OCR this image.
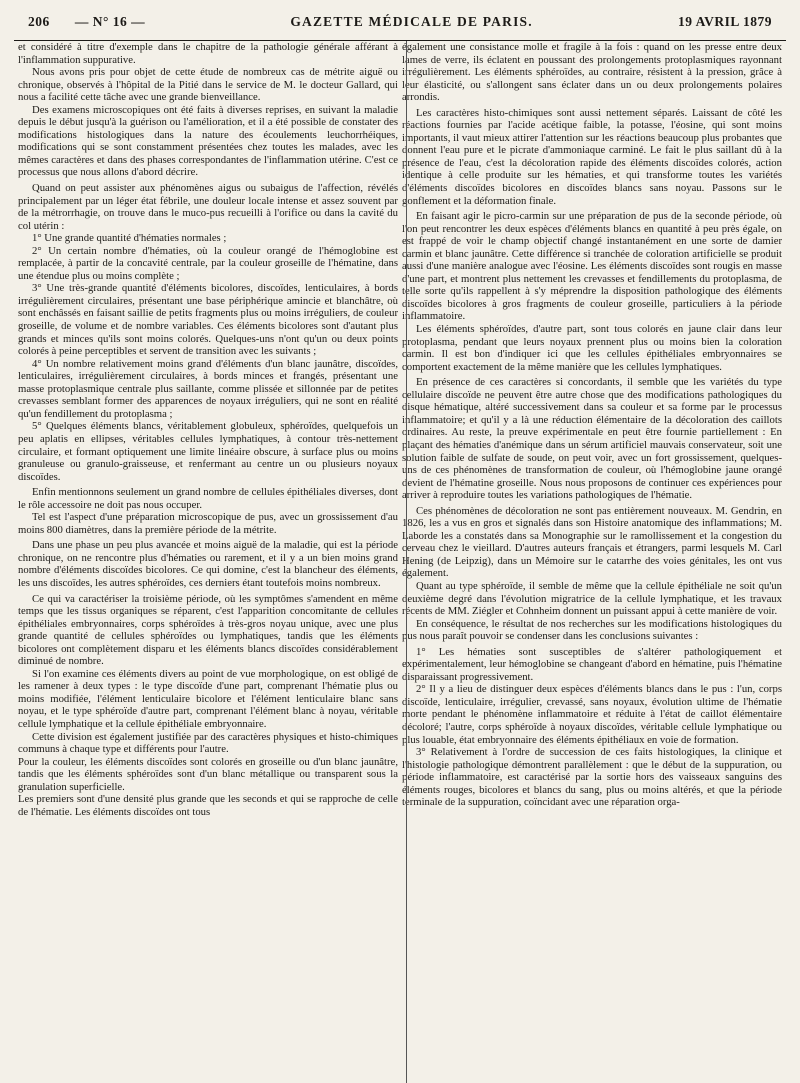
206 — N° 16 —	GAZETTE MÉDICALE DE PARIS.	19 AVRIL 1879

et considéré à titre d'exemple dans le chapitre de la pathologie générale afférant à l'inflammation suppurative.

Nous avons pris pour objet de cette étude de nombreux cas de métrite aiguë ou chronique, observés à l'hôpital de la Pitié dans le service de M. le docteur Gallard, qui nous a facilité cette tâche avec une grande bienveillance.

Des examens microscopiques ont été faits à diverses reprises, en suivant la maladie depuis le début jusqu'à la guérison ou l'amélioration, et il a été possible de constater des modifications histologiques dans la nature des écoulements leuchorrhéiques, modifications qui se sont constamment présentées chez toutes les malades, avec les mêmes caractères et dans des phases correspondantes de l'inflammation utérine. C'est ce processus que nous allons d'abord décrire.

Quand on peut assister aux phénomènes aigus ou subaigus de l'affection, révélés principalement par un léger état fébrile, une douleur locale intense et assez souvent par de la métrorrhagie, on trouve dans le muco-pus recueilli à l'orifice ou dans la cavité du col utérin :

1° Une grande quantité d'hématies normales ;

2° Un certain nombre d'hématies, où la couleur orangé de l'hémoglobine est remplacée, à partir de la concavité centrale, par la couleur groseille de l'hématine, dans une étendue plus ou moins complète ;

3° Une très-grande quantité d'éléments bicolores, discoïdes, lenticulaires, à bords irrégulièrement circulaires, présentant une base périphérique amincie et blanchâtre, où sont enchâssés en faisant saillie de petits fragments plus ou moins irréguliers, de couleur groseille, de volume et de nombre variables. Ces éléments bicolores sont d'autant plus grands et minces qu'ils sont moins colorés. Quelques-uns n'ont qu'un ou deux points colorés à peine perceptibles et servent de transition avec les suivants ;

4° Un nombre relativement moins grand d'éléments d'un blanc jaunâtre, discoïdes, lenticulaires, irrégulièrement circulaires, à bords minces et frangés, présentant une masse protoplasmique centrale plus saillante, comme plissée et sillonnée par de petites crevasses semblant former des apparences de noyaux irréguliers, qui ne sont en réalité qu'un fendillement du protoplasma ;

5° Quelques éléments blancs, véritablement globuleux, sphéroïdes, quelquefois un peu aplatis en ellipses, véritables cellules lymphatiques, à contour très-nettement circulaire, et formant optiquement une limite linéaire obscure, à surface plus ou moins granuleuse ou granulo-graisseuse, et renfermant au centre un ou plusieurs noyaux discoïdes.

Enfin mentionnons seulement un grand nombre de cellules épithéliales diverses, dont le rôle accessoire ne doit pas nous occuper.

Tel est l'aspect d'une préparation microscopique de pus, avec un grossissement d'au moins 800 diamètres, dans la première période de la métrite.

Dans une phase un peu plus avancée et moins aiguë de la maladie, qui est la période chronique, on ne rencontre plus d'hématies ou rarement, et il y a un bien moins grand nombre d'éléments discoïdes bicolores. Ce qui domine, c'est la blancheur des éléments, les uns discoïdes, les autres sphéroïdes, ces derniers étant toutefois moins nombreux.

Ce qui va caractériser la troisième période, où les symptômes s'amendent en même temps que les tissus organiques se réparent, c'est l'apparition concomitante de cellules épithéliales embryonnaires, corps sphéroïdes à très-gros noyau unique, avec une plus grande quantité de cellules sphéroïdes ou lymphatiques, tandis que les éléments bicolores ont complètement disparu et les éléments blancs discoïdes considérablement diminué de nombre.

Si l'on examine ces éléments divers au point de vue morphologique, on est obligé de les ramener à deux types : le type discoïde d'une part, comprenant l'hématie plus ou moins modifiée, l'élément lenticulaire bicolore et l'élément lenticulaire blanc sans noyau, et le type sphéroïde d'autre part, comprenant l'élément blanc à noyau, véritable cellule lymphatique et la cellule épithéliale embryonnaire.

Cette division est également justifiée par des caractères physiques et histo-chimiques communs à chaque type et différents pour l'autre.

Pour la couleur, les éléments discoïdes sont colorés en groseille ou d'un blanc jaunâtre, tandis que les éléments sphéroïdes sont d'un blanc métallique ou transparent sous la granulation superficielle.

Les premiers sont d'une densité plus grande que les seconds et qui se rapproche de celle de l'hématie. Les éléments discoïdes ont tous

également une consistance molle et fragile à la fois : quand on les presse entre deux lames de verre, ils éclatent en poussant des prolongements protoplasmiques rayonnant irrégulièrement. Les éléments sphéroïdes, au contraire, résistent à la pression, grâce à leur élasticité, ou s'allongent sans éclater dans un ou deux prolongements polaires arrondis.

Les caractères histo-chimiques sont aussi nettement séparés. Laissant de côté les réactions fournies par l'acide acétique faible, la potasse, l'éosine, qui sont moins importants, il vaut mieux attirer l'attention sur les réactions beaucoup plus probantes que donnent l'eau pure et le picrate d'ammoniaque carminé. Le fait le plus saillant dû à la présence de l'eau, c'est la décoloration rapide des éléments discoïdes colorés, action identique à celle produite sur les hématies, et qui transforme toutes les variétés d'éléments discoïdes bicolores en discoïdes blancs sans noyau. Passons sur le gonflement et la déformation finale.

En faisant agir le picro-carmin sur une préparation de pus de la seconde période, où l'on peut rencontrer les deux espèces d'éléments blancs en quantité à peu près égale, on est frappé de voir le champ objectif changé instantanément en une sorte de damier carmin et blanc jaunâtre. Cette différence si tranchée de coloration artificielle se produit aussi d'une manière analogue avec l'éosine. Les éléments discoïdes sont rougis en masse d'une part, et montrent plus nettement les crevasses et fendillements du protoplasma, de telle sorte qu'ils rappellent à s'y méprendre la disposition pathologique des éléments discoïdes bicolores à gros fragments de couleur groseille, particuliers à la période inflammatoire.

Les éléments sphéroïdes, d'autre part, sont tous colorés en jaune clair dans leur protoplasma, pendant que leurs noyaux prennent plus ou moins bien la coloration carmin. Il est bon d'indiquer ici que les cellules épithéliales embryonnaires se comportent exactement de la même manière que les cellules lymphatiques.

En présence de ces caractères si concordants, il semble que les variétés du type cellulaire discoïde ne peuvent être autre chose que des modifications pathologiques du disque hématique, altéré successivement dans sa couleur et sa forme par le processus inflammatoire; et qu'il y a là une réduction élémentaire de la décoloration des caillots ordinaires. Au reste, la preuve expérimentale en peut être fournie partiellement : En plaçant des hématies d'anémique dans un sérum artificiel mauvais conservateur, soit une solution faible de sulfate de soude, on peut voir, avec un fort grossissement, quelques-uns de ces phénomènes de transformation de couleur, où l'hémoglobine jaune orangé devient de l'hématine groseille. Nous nous proposons de continuer ces expériences pour arriver à reproduire toutes les variations pathologiques de l'hématie.

Ces phénomènes de décoloration ne sont pas entièrement nouveaux. M. Gendrin, en 1826, les a vus en gros et signalés dans son Histoire anatomique des inflammations; M. Laborde les a constatés dans sa Monographie sur le ramollissement et la congestion du cerveau chez le vieillard. D'autres auteurs français et étrangers, parmi lesquels M. Carl Hening (de Leipzig), dans un Mémoire sur le catarrhe des voies génitales, les ont vus également.

Quant au type sphéroïde, il semble de même que la cellule épithéliale ne soit qu'un deuxième degré dans l'évolution migratrice de la cellule lymphatique, et les travaux récents de MM. Ziégler et Cohnheim donnent un puissant appui à cette manière de voir.

En conséquence, le résultat de nos recherches sur les modifications histologiques du pus nous paraît pouvoir se condenser dans les conclusions suivantes :

1° Les hématies sont susceptibles de s'altérer pathologiquement et expérimentalement, leur hémoglobine se changeant d'abord en hématine, puis l'hématine disparaissant progressivement.

2° Il y a lieu de distinguer deux espèces d'éléments blancs dans le pus : l'un, corps discoïde, lenticulaire, irrégulier, crevassé, sans noyaux, évolution ultime de l'hématie morte pendant le phénomène inflammatoire et réduite à l'état de caillot élémentaire décoloré; l'autre, corps sphéroïde à noyaux discoïdes, véritable cellule lymphatique ou plus louable, état embryonnaire des éléments épithéliaux en voie de formation.

3° Relativement à l'ordre de succession de ces faits histologiques, la clinique et l'histologie pathologique démontrent parallèlement : que le début de la suppuration, ou période inflammatoire, est caractérisé par la sortie hors des vaisseaux sanguins des éléments rouges, bicolores et blancs du sang, plus ou moins altérés, et que la période terminale de la suppuration, coïncidant avec une réparation orga-
